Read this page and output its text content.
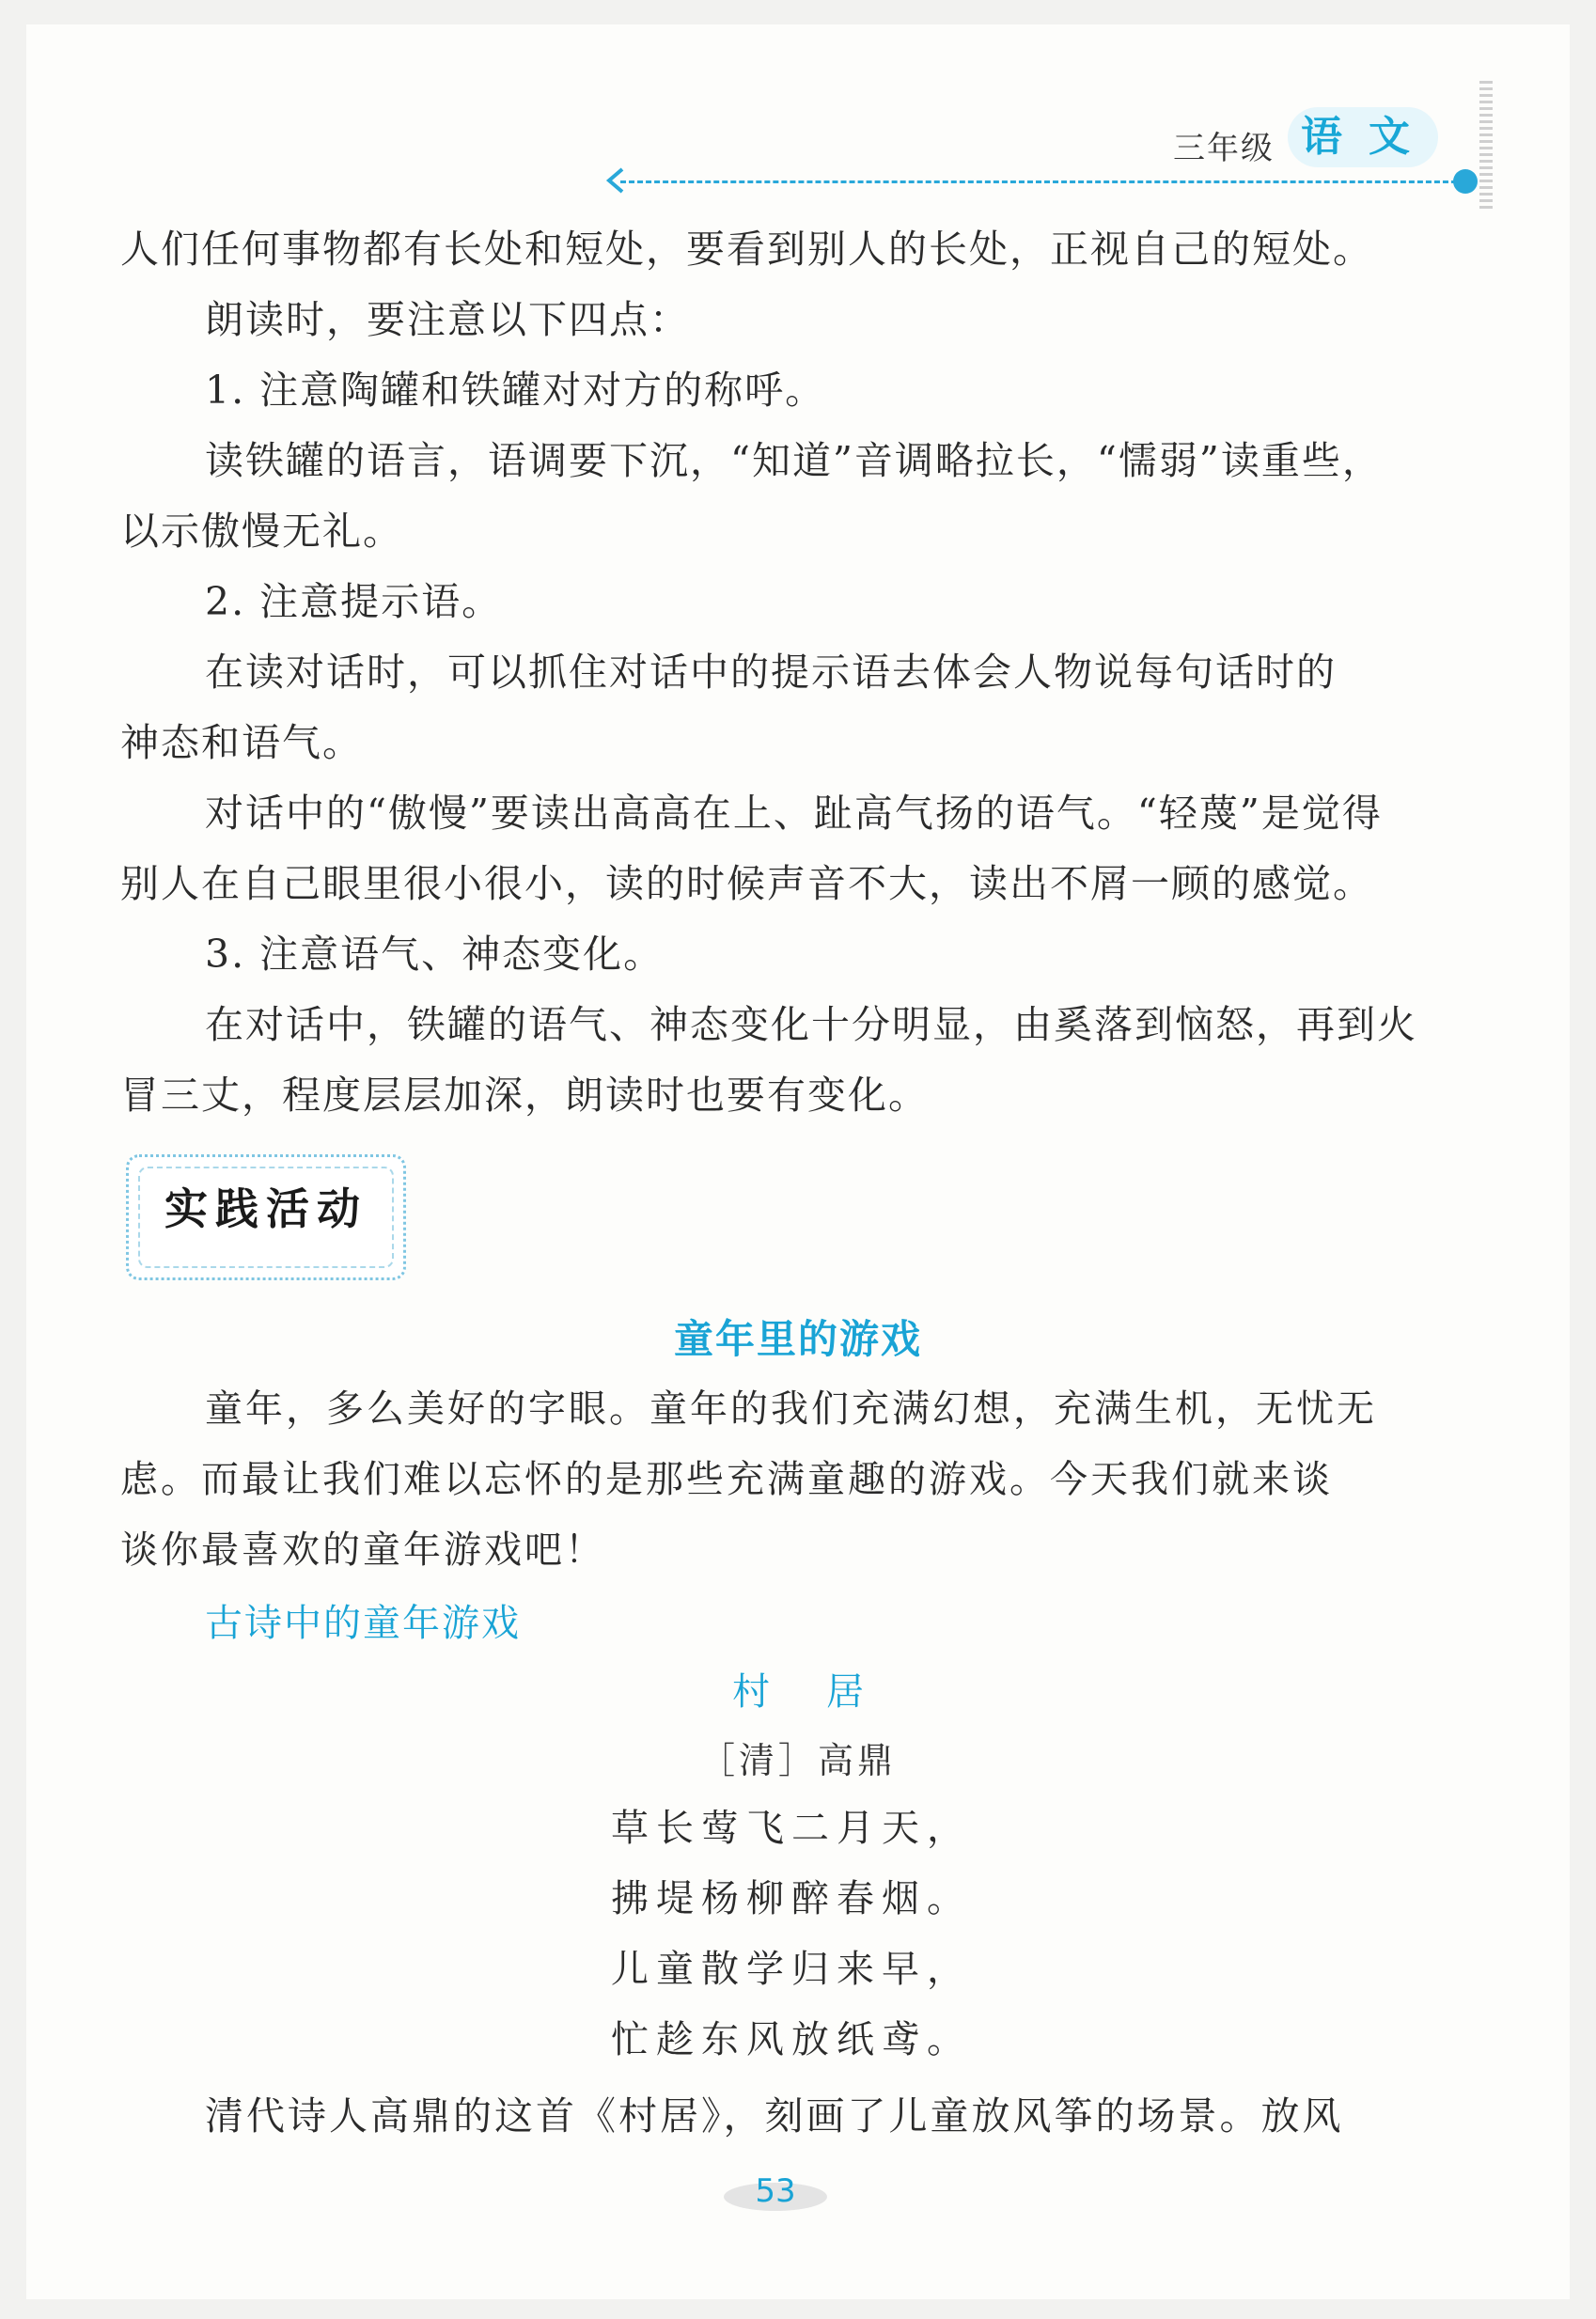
三年级 语文
人们任何事物都有长处和短处，要看到别人的长处，正视自己的短处。
朗读时，要注意以下四点：
1. 注意陶罐和铁罐对对方的称呼。
读铁罐的语言，语调要下沉，“知道”音调略拉长，“懦弱”读重些，
以示傲慢无礼。
2. 注意提示语。
在读对话时，可以抓住对话中的提示语去体会人物说每句话时的
神态和语气。
对话中的“傲慢”要读出高高在上、趾高气扬的语气。“轻蔑”是觉得
别人在自己眼里很小很小，读的时候声音不大，读出不屑一顾的感觉。
3. 注意语气、神态变化。
在对话中，铁罐的语气、神态变化十分明显，由奚落到恼怒，再到火
冒三丈，程度层层加深，朗读时也要有变化。
实践活动
童年里的游戏
童年，多么美好的字眼。童年的我们充满幻想，充满生机，无忧无
虑。而最让我们难以忘怀的是那些充满童趣的游戏。今天我们就来谈
谈你最喜欢的童年游戏吧！
古诗中的童年游戏
村居
［清］高鼎
草长莺飞二月天，
拂堤杨柳醉春烟。
儿童散学归来早，
忙趁东风放纸鸢。
清代诗人高鼎的这首《村居》，刻画了儿童放风筝的场景。放风
53
